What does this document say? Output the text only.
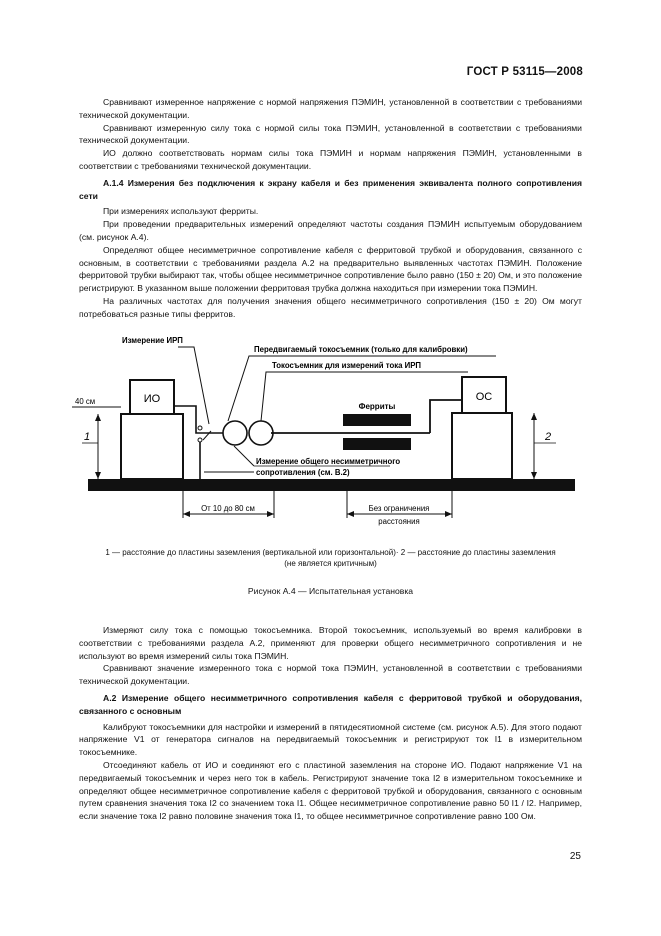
ГОСТ Р 53115—2008

Сравнивают измеренное напряжение с нормой напряжения ПЭМИН, установленной в соответствии с требованиями технической документации.

Сравнивают измеренную силу тока с нормой силы тока ПЭМИН, установленной в соответствии с требованиями технической документации.

ИО должно соответствовать нормам силы тока ПЭМИН и нормам напряжения ПЭМИН, установленными в соответствии с требованиями технической документации.

А.1.4 Измерения без подключения к экрану кабеля и без применения эквивалента полного сопротивления сети

При измерениях используют ферриты.

При проведении предварительных измерений определяют частоты создания ПЭМИН испытуемым оборудованием (см. рисунок А.4).

Определяют общее несимметричное сопротивление кабеля с ферритовой трубкой и оборудования, связанного с основным, в соответствии с требованиями раздела А.2 на предварительно выявленных частотах ПЭМИН. Положение ферритовой трубки выбирают так, чтобы общее несимметричное сопротивление было равно (150 ± 20) Ом, и это положение регистрируют. В указанном выше положении ферритовая трубка должна находиться при измерении тока ПЭМИН.

На различных частотах для получения значения общего несимметричного сопротивления (150 ± 20) Ом могут потребоваться разные типы ферритов.

ИО	ОС
Ферриты
Измерение ИРП
Передвигаемый токосъемник (только для калибровки)
Токосъемник для измерений тока ИРП
Измерение общего несимметричного
сопротивления (см. В.2)
40 см
1	2
От 10 до 80 см	Без ограничения
расстояния
1 — расстояние до пластины заземления (вертикальной или горизонтальной)· 2 — расстояние до пластины заземления
(не является критичным)
Рисунок А.4 — Испытательная установка

Измеряют силу тока с помощью токосъемника. Второй токосъемник, используемый во время калибровки в соответствии с требованиями раздела А.2, применяют для проверки общего несимметричного сопротивления и не используют во время измерений силы тока ПЭМИН.

Сравнивают значение измеренного тока с нормой тока ПЭМИН, установленной в соответствии с требованиями технической документации.

А.2 Измерение общего несимметричного сопротивления кабеля с ферритовой трубкой и оборудования, связанного с основным

Калибруют токосъемники для настройки и измерений в пятидесятиомной системе (см. рисунок А.5). Для этого подают напряжение V1 от генератора сигналов на передвигаемый токосъемник и регистрируют ток I1 в измерительном токосъемнике.

Отсоединяют кабель от ИО и соединяют его с пластиной заземления на стороне ИО. Подают напряжение V1 на передвигаемый токосъемник и через него ток в кабель. Регистрируют значение тока I2 в измерительном токосъемнике и определяют общее несимметричное сопротивление кабеля с ферритовой трубкой и оборудования, связанного с основным путем сравнения значения тока I2 со значением тока I1. Общее несимметричное сопротивление равно 50 I1 / I2. Например, если значение тока I2 равно половине значения тока I1, то общее несимметричное сопротивление равно 100 Ом.

25
